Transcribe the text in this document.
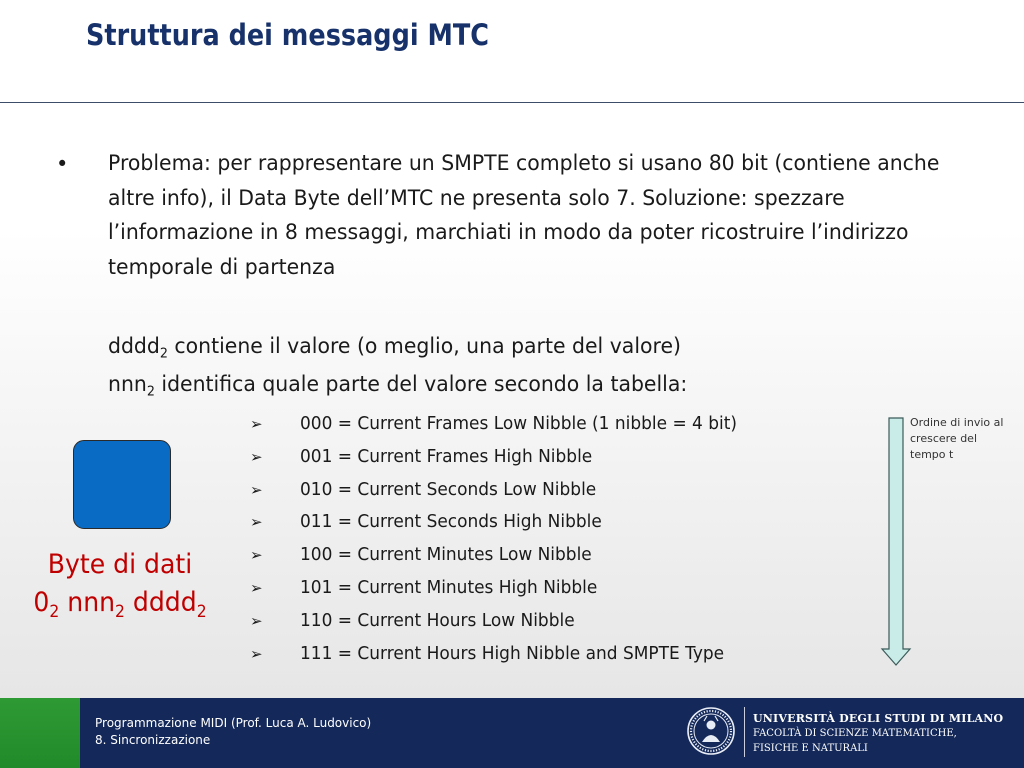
Struttura dei messaggi MTC
• Problema: per rappresentare un SMPTE completo si usano 80 bit (contiene anche altre info), il Data Byte dell’MTC ne presenta solo 7. Soluzione: spezzare l’informazione in 8 messaggi, marchiati in modo da poter ricostruire l’indirizzo temporale di partenza
dddd$_2$ contiene il valore (o meglio, una parte del valore)
nnn$_2$ identifica quale parte del valore secondo la tabella:
➢ 000 = Current Frames Low Nibble (1 nibble = 4 bit)
➢ 001 = Current Frames High Nibble
➢ 010 = Current Seconds Low Nibble
➢ 011 = Current Seconds High Nibble
➢ 100 = Current Minutes Low Nibble
➢ 101 = Current Minutes High Nibble
➢ 110 = Current Hours Low Nibble
➢ 111 = Current Hours High Nibble and SMPTE Type
Byte di dati
$0_2$ nnn$_2$ dddd$_2$
Ordine di invio al crescere del tempo t
Programmazione MIDI (Prof. Luca A. Ludovico)
8. Sincronizzazione
UNIVERSITÀ DEGLI STUDI DI MILANO
FACOLTÀ DI SCIENZE MATEMATICHE,
FISICHE E NATURALI
